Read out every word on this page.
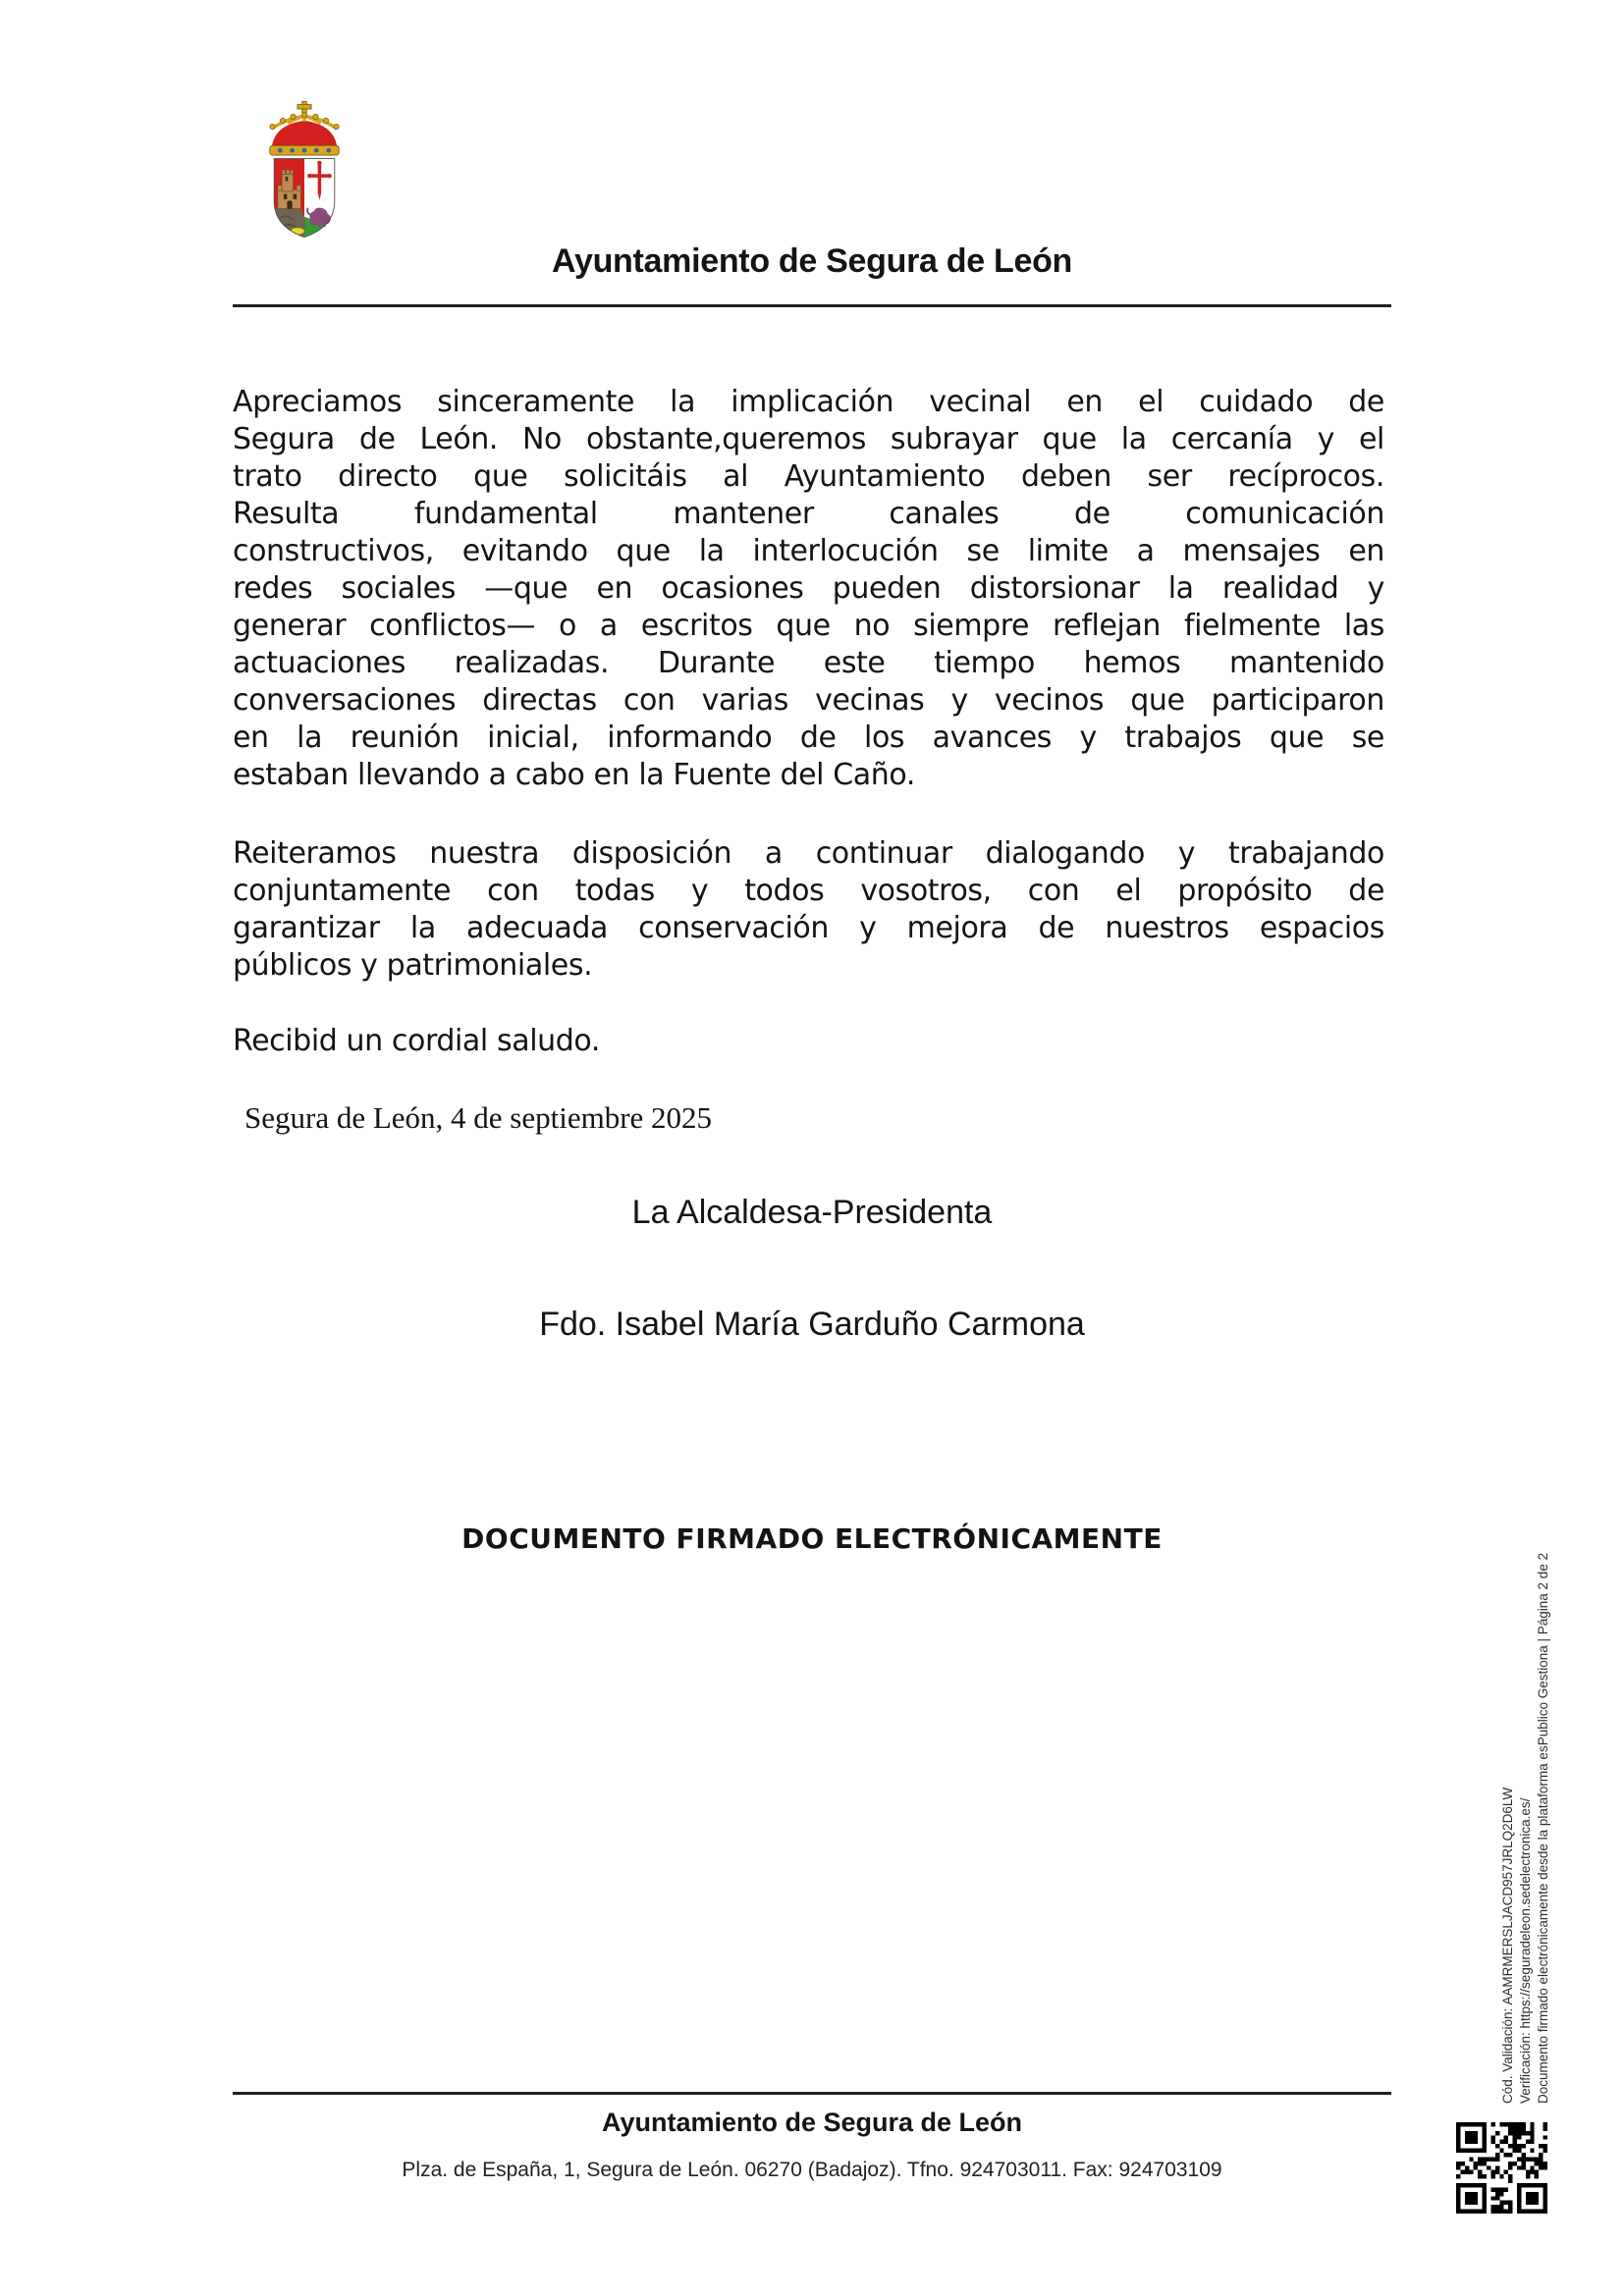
Ayuntamiento de Segura de León
Apreciamos sinceramente la implicación vecinal en el cuidado de
Segura de León. No obstante,queremos subrayar que la cercanía y el
trato directo que solicitáis al Ayuntamiento deben ser recíprocos.
Resulta fundamental mantener canales de comunicación
constructivos, evitando que la interlocución se limite a mensajes en
redes sociales —que en ocasiones pueden distorsionar la realidad y
generar conflictos— o a escritos que no siempre reflejan fielmente las
actuaciones realizadas. Durante este tiempo hemos mantenido
conversaciones directas con varias vecinas y vecinos que participaron
en la reunión inicial, informando de los avances y trabajos que se
estaban llevando a cabo en la Fuente del Caño.
Reiteramos nuestra disposición a continuar dialogando y trabajando
conjuntamente con todas y todos vosotros, con el propósito de
garantizar la adecuada conservación y mejora de nuestros espacios
públicos y patrimoniales.
Recibid un cordial saludo.
Segura de León, 4 de septiembre 2025
La Alcaldesa-Presidenta
Fdo. Isabel María Garduño Carmona
DOCUMENTO FIRMADO ELECTRÓNICAMENTE
Ayuntamiento de Segura de León
Plza. de España, 1, Segura de León. 06270 (Badajoz). Tfno. 924703011. Fax: 924703109
Cód. Validación: AAMRMERSLJACD957JRLQ2D6LW Verificación: https://seguradeleon.sedelectronica.es/ Documento firmado electrónicamente desde la plataforma esPublico Gestiona | Página 2 de 2
